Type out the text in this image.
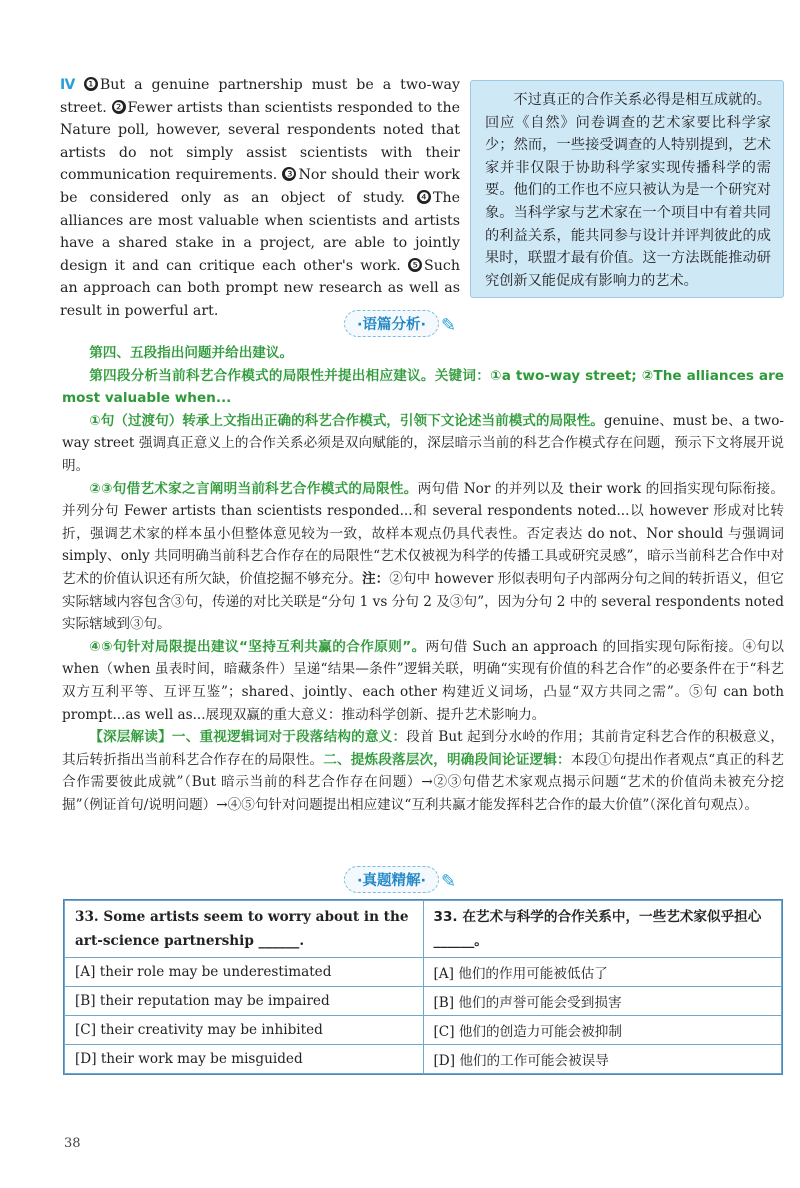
Ⅳ ❶ But a genuine partnership must be a two-way street. ❷ Fewer artists than scientists responded to the Nature poll, however, several respondents noted that artists do not simply assist scientists with their communication requirements. ❸ Nor should their work be considered only as an object of study. ❹ The alliances are most valuable when scientists and artists have a shared stake in a project, are able to jointly design it and can critique each other's work. ❺ Such an approach can both prompt new research as well as result in powerful art.
不过真正的合作关系必得是相互成就的。回应《自然》问卷调查的艺术家要比科学家少；然而，一些接受调查的人特别提到，艺术家并非仅限于协助科学家实现传播科学的需要。他们的工作也不应只被认为是一个研究对象。当科学家与艺术家在一个项目中有着共同的利益关系，能共同参与设计并评判彼此的成果时，联盟才最有价值。这一方法既能推动研究创新又能促成有影响力的艺术。
·语篇分析· ✎
第四、五段指出问题并给出建议。
第四段分析当前科艺合作模式的局限性并提出相应建议。关键词：①a two-way street; ②The alliances are most valuable when...
①句（过渡句）转承上文指出正确的科艺合作模式，引领下文论述当前模式的局限性。genuine、must be、a two-way street 强调真正意义上的合作关系必须是双向赋能的，深层暗示当前的科艺合作模式存在问题，预示下文将展开说明。
②③句借艺术家之言阐明当前科艺合作模式的局限性。两句借 Nor 的并列以及 their work 的回指实现句际衔接。并列分句 Fewer artists than scientists responded...和 several respondents noted...以 however 形成对比转折，强调艺术家的样本虽小但整体意见较为一致，故样本观点仍具代表性。否定表达 do not、Nor should 与强调词 simply、only 共同明确当前科艺合作存在的局限性“艺术仅被视为科学的传播工具或研究灵感”，暗示当前科艺合作中对艺术的价值认识还有所欠缺，价值挖掘不够充分。注：②句中 however 形似表明句子内部两分句之间的转折语义，但它实际辖域内容包含③句，传递的对比关联是“分句 1 vs 分句 2 及③句”，因为分句 2 中的 several respondents noted 实际辖域到③句。
④⑤句针对局限提出建议“坚持互利共赢的合作原则”。两句借 Such an approach 的回指实现句际衔接。④句以 when（when 虽表时间，暗藏条件）呈递“结果—条件”逻辑关联，明确“实现有价值的科艺合作”的必要条件在于“科艺双方互利平等、互评互鉴”；shared、jointly、each other 构建近义词场，凸显“双方共同之需”。⑤句 can both prompt...as well as...展现双赢的重大意义：推动科学创新、提升艺术影响力。
【深层解读】一、重视逻辑词对于段落结构的意义：段首 But 起到分水岭的作用；其前肯定科艺合作的积极意义，其后转折指出当前科艺合作存在的局限性。二、提炼段落层次，明确段间论证逻辑：本段①句提出作者观点“真正的科艺合作需要彼此成就”（But 暗示当前的科艺合作存在问题）→②③句借艺术家观点揭示问题“艺术的价值尚未被充分挖掘”（例证首句/说明问题）→④⑤句针对问题提出相应建议“互利共赢才能发挥科艺合作的最大价值”（深化首句观点）。
·真题精解· ✎
33. Some artists seem to worry about in the art-science partnership ______.	33. 在艺术与科学的合作关系中，一些艺术家似乎担心______。
[A] their role may be underestimated	[A] 他们的作用可能被低估了
[B] their reputation may be impaired	[B] 他们的声誉可能会受到损害
[C] their creativity may be inhibited	[C] 他们的创造力可能会被抑制
[D] their work may be misguided	[D] 他们的工作可能会被误导
38
